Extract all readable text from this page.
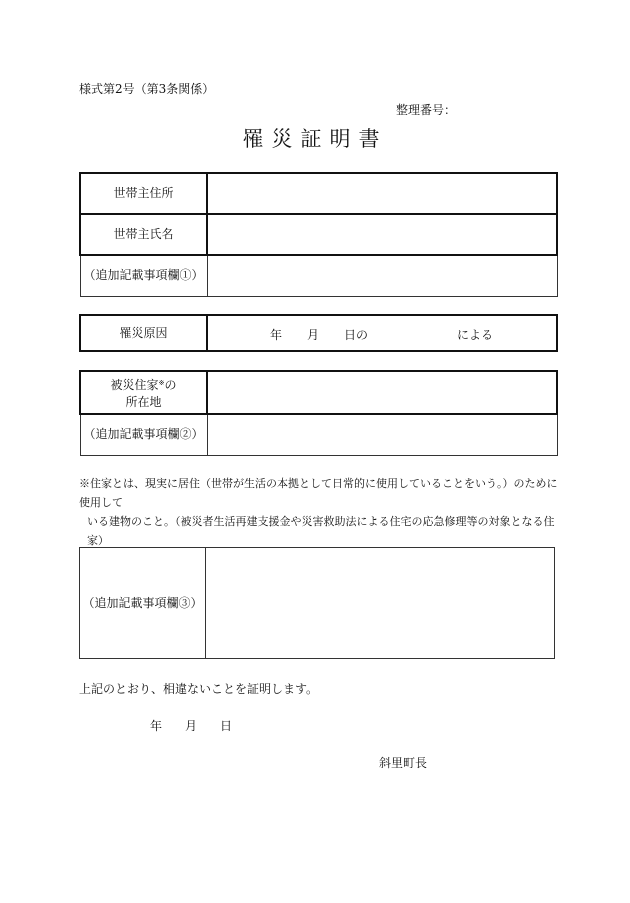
様式第2号（第3条関係）
整理番号：
罹災証明書
世帯主住所	
世帯主氏名	
（追加記載事項欄①）	
罹災原因	年 月 日の	による
被災住家※の
所在地	
（追加記載事項欄②）	
※住家とは、現実に居住（世帯が生活の本拠として日常的に使用していることをいう。）のために使用して
いる建物のこと。（被災者生活再建支援金や災害救助法による住宅の応急修理等の対象となる住家）
（追加記載事項欄③）	
上記のとおり、相違ないことを証明します。
年 月 日
斜里町長
